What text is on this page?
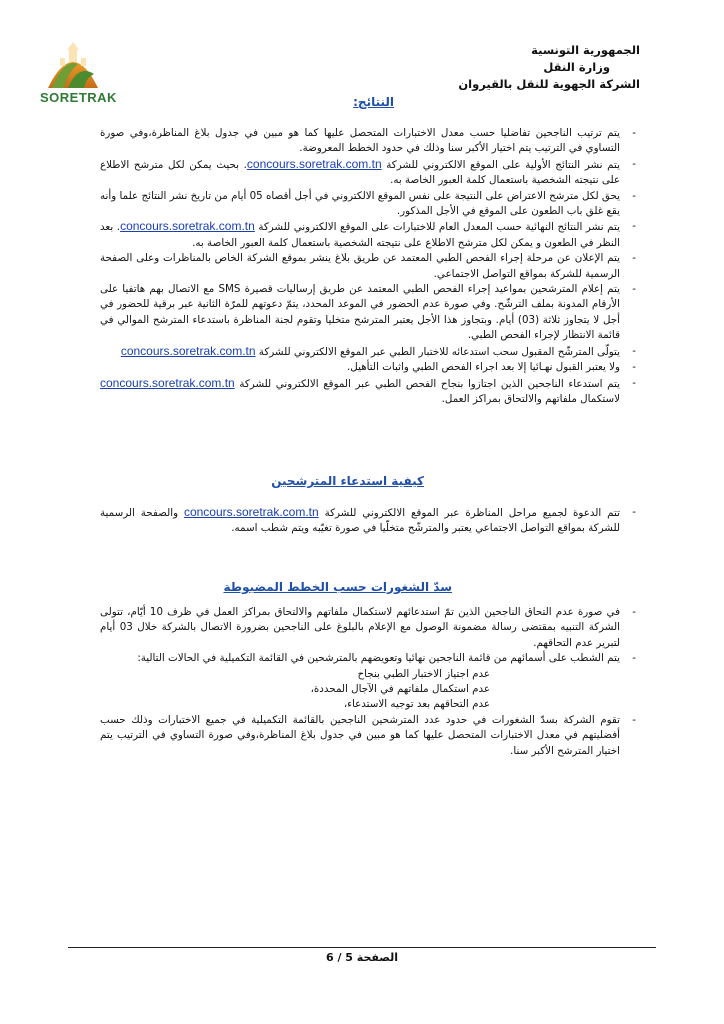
SORETRAK
الجمهورية التونسية
وزارة النقل
الشركة الجهوية للنقل بالقيروان
النتائج:
-
يتم ترتيب الناجحين تفاضليا حسب معدل الاختبارات المتحصل عليها كما هو مبين في جدول بلاغ المناظرة،وفي صورة التساوي في الترتيب يتم اختيار الأكبر سنا وذلك في حدود الخطط المعروضة.
-
يتم نشر النتائج الأولية على الموقع الالكتروني للشركة concours.soretrak.com.tn. بحيث يمكن لكل مترشح الاطلاع على نتيجته الشخصية باستعمال كلمة العبور الخاصة به.
-
يحق لكل مترشح الاعتراض على النتيجة على نفس الموقع الالكتروني في أجل أقصاه 05 أيام من تاريخ نشر النتائج علما وأنه يقع غلق باب الطعون على الموقع في الأجل المذكور.
-
يتم نشر النتائج النهائية حسب المعدل العام للاختبارات على الموقع الالكتروني للشركة concours.soretrak.com.tn. بعد النظر في الطعون و يمكن لكل مترشح الاطلاع على نتيجته الشخصية باستعمال كلمة العبور الخاصة به.
-
يتم الإعلان عن مرحلة إجراء الفحص الطبي المعتمد عن طريق بلاغ ينشر بموقع الشركة الخاص بالمناظرات وعلى الصفحة الرسمية للشركة بمواقع التواصل الاجتماعي.
-
يتم إعلام المترشحين بمواعيد إجراء الفحص الطبي المعتمد عن طريق إرساليات قصيرة SMS مع الاتصال بهم هاتفيا على الأرقام المدونة بملف الترشّح. وفي صورة عدم الحضور في الموعد المحدد، يتمّ دعوتهم للمرّة الثانية عبر برقية للحضور في أجل لا يتجاوز ثلاثة (03) أيام. وبتجاوز هذا الأجل يعتبر المترشح متخليا وتقوم لجنة المناظرة باستدعاء المترشح الموالي في قائمة الانتظار لإجراء الفحص الطبي.
-
يتولّى المترشّح المقبول سحب استدعائه للاختبار الطبي عبر الموقع الالكتروني للشركة concours.soretrak.com.tn
-
ولا يعتبر القبول نهـائيا إلا بعد اجراء الفحص الطبي واثبات التأهيل.
-
يتم استدعاء الناجحين الذين اجتازوا بنجاح الفحص الطبي عبر الموقع الالكتروني للشركة concours.soretrak.com.tn لاستكمال ملفاتهم والالتحاق بمراكز العمل.
كيفية استدعاء المترشحين
-
تتم الدعوة لجميع مراحل المناظرة عبر الموقع الالكتروني للشركة concours.soretrak.com.tn والصفحة الرسمية للشركة بمواقع التواصل الاجتماعي يعتبر والمترشّح متخلّيا في صورة تغيّبه ويتم شطب اسمه.
سدّ الشغورات حسب الخطط المضبوطة
-
في صورة عدم التحاق الناجحين الذين تمّ استدعائهم لاستكمال ملفاتهم والالتحاق بمراكز العمل في ظرف 10 أيّام، تتولى الشركة التنبيه بمقتضى رسالة مضمونة الوصول مع الإعلام بالبلوغ على الناجحين بضرورة الاتصال بالشركة خلال 03 أيام لتبرير عدم التحاقهم.
-
يتم الشطب على أسمائهم من قائمة الناجحين نهائيا وتعويضهم بالمترشحين في القائمة التكميلية في الحالات التالية:
عدم اجتياز الاختبار الطبي بنجاح
عدم استكمال ملفاتهم في الآجال المحددة،
عدم التحاقهم بعد توجيه الاستدعاء،
-
تقوم الشركة بسدّ الشغورات في حدود عدد المترشحين الناجحين بالقائمة التكميلية في جميع الاختبارات وذلك حسب أفضليتهم في معدل الاختبارات المتحصل عليها كما هو مبين في جدول بلاغ المناظرة،وفي صورة التساوي في الترتيب يتم اختيار المترشح الأكبر سنا.
الصفحة 5 / 6
